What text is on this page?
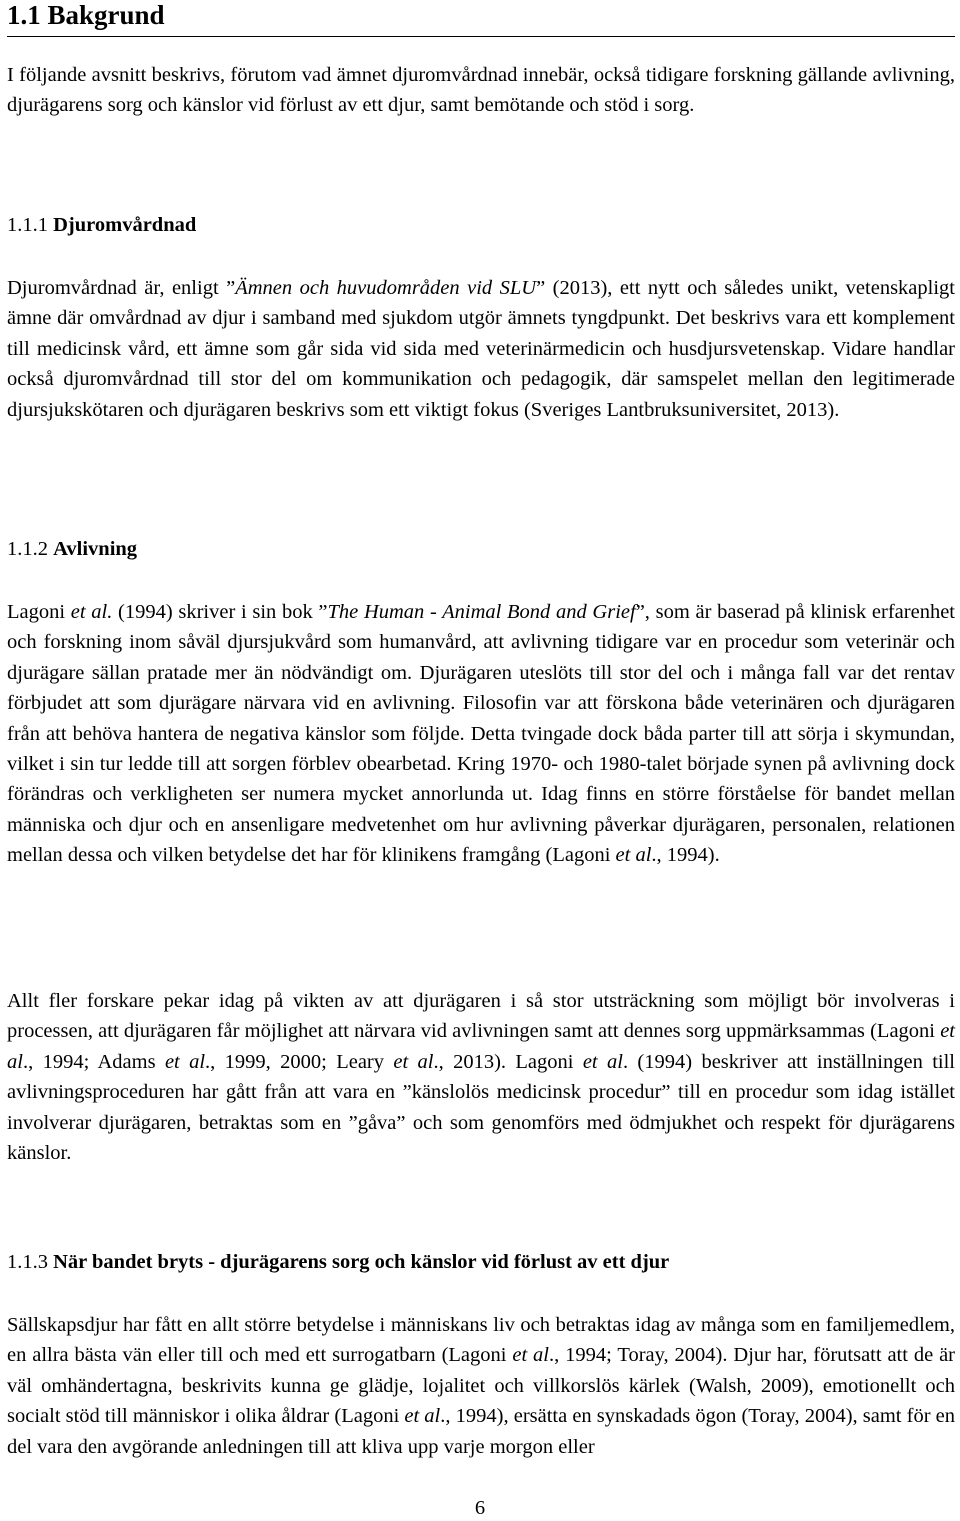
1.1 Bakgrund
I följande avsnitt beskrivs, förutom vad ämnet djuromvårdnad innebär, också tidigare forskning gällande avlivning, djurägarens sorg och känslor vid förlust av ett djur, samt bemötande och stöd i sorg.
1.1.1 Djuromvårdnad
Djuromvårdnad är, enligt ”Ämnen och huvudområden vid SLU” (2013), ett nytt och således unikt, vetenskapligt ämne där omvårdnad av djur i samband med sjukdom utgör ämnets tyngdpunkt. Det beskrivs vara ett komplement till medicinsk vård, ett ämne som går sida vid sida med veterinärmedicin och husdjursvetenskap. Vidare handlar också djuromvårdnad till stor del om kommunikation och pedagogik, där samspelet mellan den legitimerade djursjukskötaren och djurägaren beskrivs som ett viktigt fokus (Sveriges Lantbruksuniversitet, 2013).
1.1.2 Avlivning
Lagoni et al. (1994) skriver i sin bok ”The Human - Animal Bond and Grief”, som är baserad på klinisk erfarenhet och forskning inom såväl djursjukvård som humanvård, att avlivning tidigare var en procedur som veterinär och djurägare sällan pratade mer än nödvändigt om. Djurägaren uteslöts till stor del och i många fall var det rentav förbjudet att som djurägare närvara vid en avlivning. Filosofin var att förskona både veterinären och djurägaren från att behöva hantera de negativa känslor som följde. Detta tvingade dock båda parter till att sörja i skymundan, vilket i sin tur ledde till att sorgen förblev obearbetad. Kring 1970- och 1980-talet började synen på avlivning dock förändras och verkligheten ser numera mycket annorlunda ut. Idag finns en större förståelse för bandet mellan människa och djur och en ansenligare medvetenhet om hur avlivning påverkar djurägaren, personalen, relationen mellan dessa och vilken betydelse det har för klinikens framgång (Lagoni et al., 1994).
Allt fler forskare pekar idag på vikten av att djurägaren i så stor utsträckning som möjligt bör involveras i processen, att djurägaren får möjlighet att närvara vid avlivningen samt att dennes sorg uppmärksammas (Lagoni et al., 1994; Adams et al., 1999, 2000; Leary et al., 2013). Lagoni et al. (1994) beskriver att inställningen till avlivningsproceduren har gått från att vara en ”känslolös medicinsk procedur” till en procedur som idag istället involverar djurägaren, betraktas som en ”gåva” och som genomförs med ödmjukhet och respekt för djurägarens känslor.
1.1.3 När bandet bryts - djurägarens sorg och känslor vid förlust av ett djur
Sällskapsdjur har fått en allt större betydelse i människans liv och betraktas idag av många som en familjemedlem, en allra bästa vän eller till och med ett surrogatbarn (Lagoni et al., 1994; Toray, 2004). Djur har, förutsatt att de är väl omhändertagna, beskrivits kunna ge glädje, lojalitet och villkorslös kärlek (Walsh, 2009), emotionellt och socialt stöd till människor i olika åldrar (Lagoni et al., 1994), ersätta en synskadads ögon (Toray, 2004), samt för en del vara den avgörande anledningen till att kliva upp varje morgon eller
6
